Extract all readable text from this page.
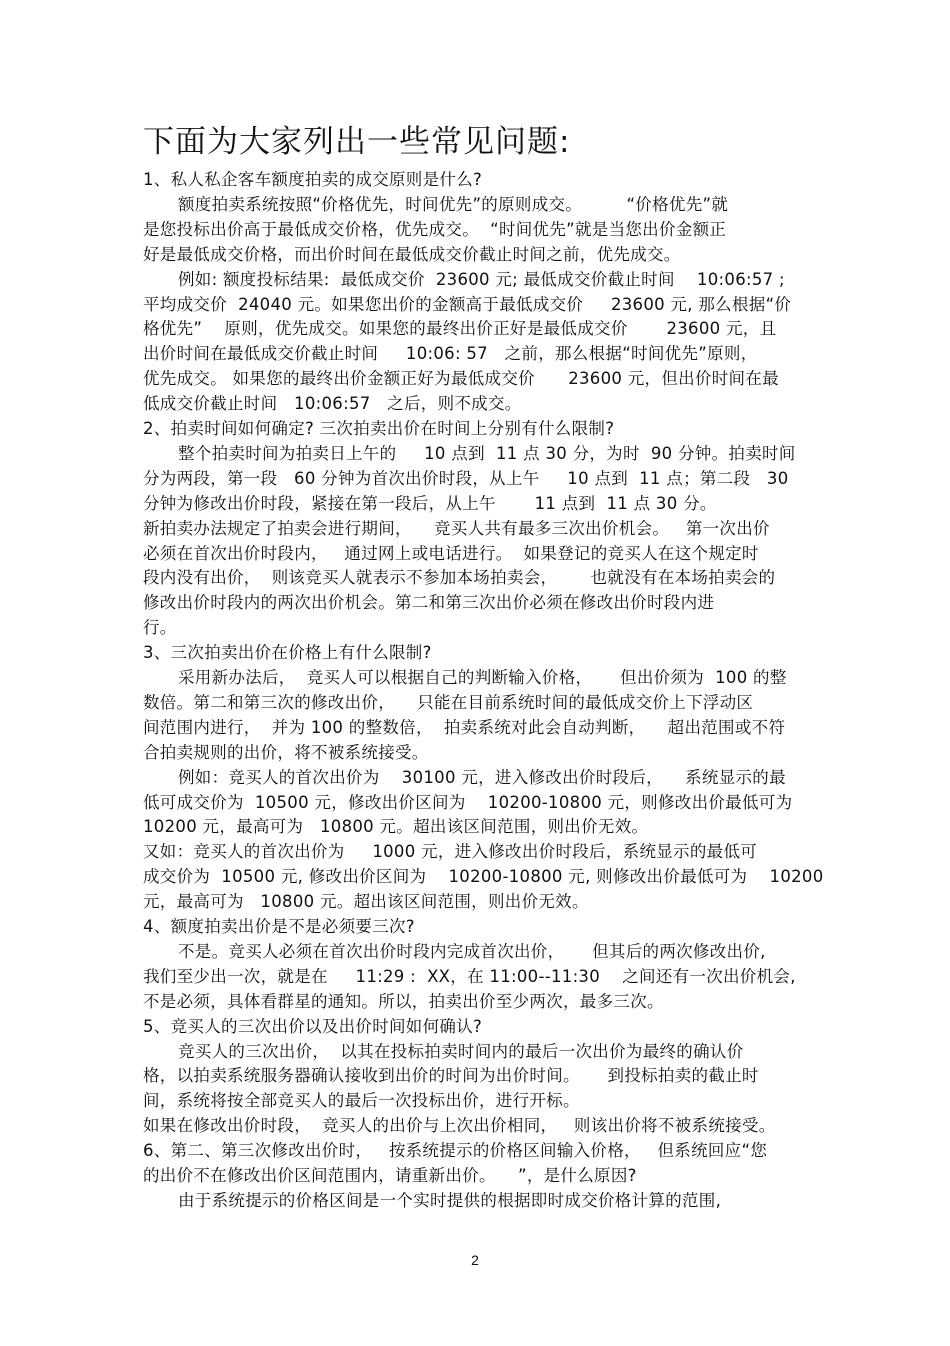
下面为大家列出一些常见问题:
1、私人私企客车额度拍卖的成交原则是什么?
额度拍卖系统按照“价格优先，时间优先”的原则成交。        “价格优先”就
是您投标出价高于最低成交价格，优先成交。  “时间优先”就是当您出价金额正
好是最低成交价格，而出价时间在最低成交价截止时间之前，优先成交。
例如: 额度投标结果:  最低成交价  23600 元; 最低成交价截止时间    10:06:57 ;
平均成交价  24040 元。如果您出价的金额高于最低成交价     23600 元, 那么根据“价
格优先”    原则，优先成交。如果您的最终出价正好是最低成交价       23600 元，且
出价时间在最低成交价截止时间     10:06: 57   之前，那么根据“时间优先”原则，
优先成交。 如果您的最终出价金额正好为最低成交价      23600 元，但出价时间在最
低成交价截止时间   10:06:57   之后，则不成交。
2、拍卖时间如何确定? 三次拍卖出价在时间上分别有什么限制?
整个拍卖时间为拍卖日上午的     10 点到  11 点 30 分，为时  90 分钟。拍卖时间
分为两段，第一段   60 分钟为首次出价时段，从上午     10 点到  11 点；第二段   30
分钟为修改出价时段，紧接在第一段后，从上午       11 点到  11 点 30 分。
新拍卖办法规定了拍卖会进行期间，    竞买人共有最多三次出价机会。   第一次出价
必须在首次出价时段内，   通过网上或电话进行。  如果登记的竞买人在这个规定时
段内没有出价，  则该竞买人就表示不参加本场拍卖会，      也就没有在本场拍卖会的
修改出价时段内的两次出价机会。第二和第三次出价必须在修改出价时段内进
行。
3、三次拍卖出价在价格上有什么限制?
采用新办法后，  竞买人可以根据自己的判断输入价格，     但出价须为  100 的整
数倍。第二和第三次的修改出价，    只能在目前系统时间的最低成交价上下浮动区
间范围内进行，  并为 100 的整数倍，  拍卖系统对此会自动判断，    超出范围或不符
合拍卖规则的出价，将不被系统接受。
例如：竞买人的首次出价为    30100 元，进入修改出价时段后，    系统显示的最
低可成交价为  10500 元，修改出价区间为    10200-10800 元，则修改出价最低可为
10200 元，最高可为   10800 元。超出该区间范围，则出价无效。
又如：竞买人的首次出价为     1000 元，进入修改出价时段后，系统显示的最低可
成交价为  10500 元, 修改出价区间为    10200-10800 元, 则修改出价最低可为    10200
元，最高可为   10800 元。超出该区间范围，则出价无效。
4、额度拍卖出价是不是必须要三次?
不是。竞买人必须在首次出价时段内完成首次出价，     但其后的两次修改出价,
我们至少出一次，就是在     11:29 :  XX，在 11:00--11:30    之间还有一次出价机会,
不是必须，具体看群星的通知。所以，拍卖出价至少两次，最多三次。
5、竞买人的三次出价以及出价时间如何确认?
竞买人的三次出价，  以其在投标拍卖时间内的最后一次出价为最终的确认价
格，以拍卖系统服务器确认接收到出价的时间为出价时间。     到投标拍卖的截止时
间，系统将按全部竞买人的最后一次投标出价，进行开标。
如果在修改出价时段，  竞买人的出价与上次出价相同，   则该出价将不被系统接受。
6、第二、第三次修改出价时，   按系统提示的价格区间输入价格，   但系统回应“您
的出价不在修改出价区间范围内，请重新出价。    ”，是什么原因?
由于系统提示的价格区间是一个实时提供的根据即时成交价格计算的范围,
2
